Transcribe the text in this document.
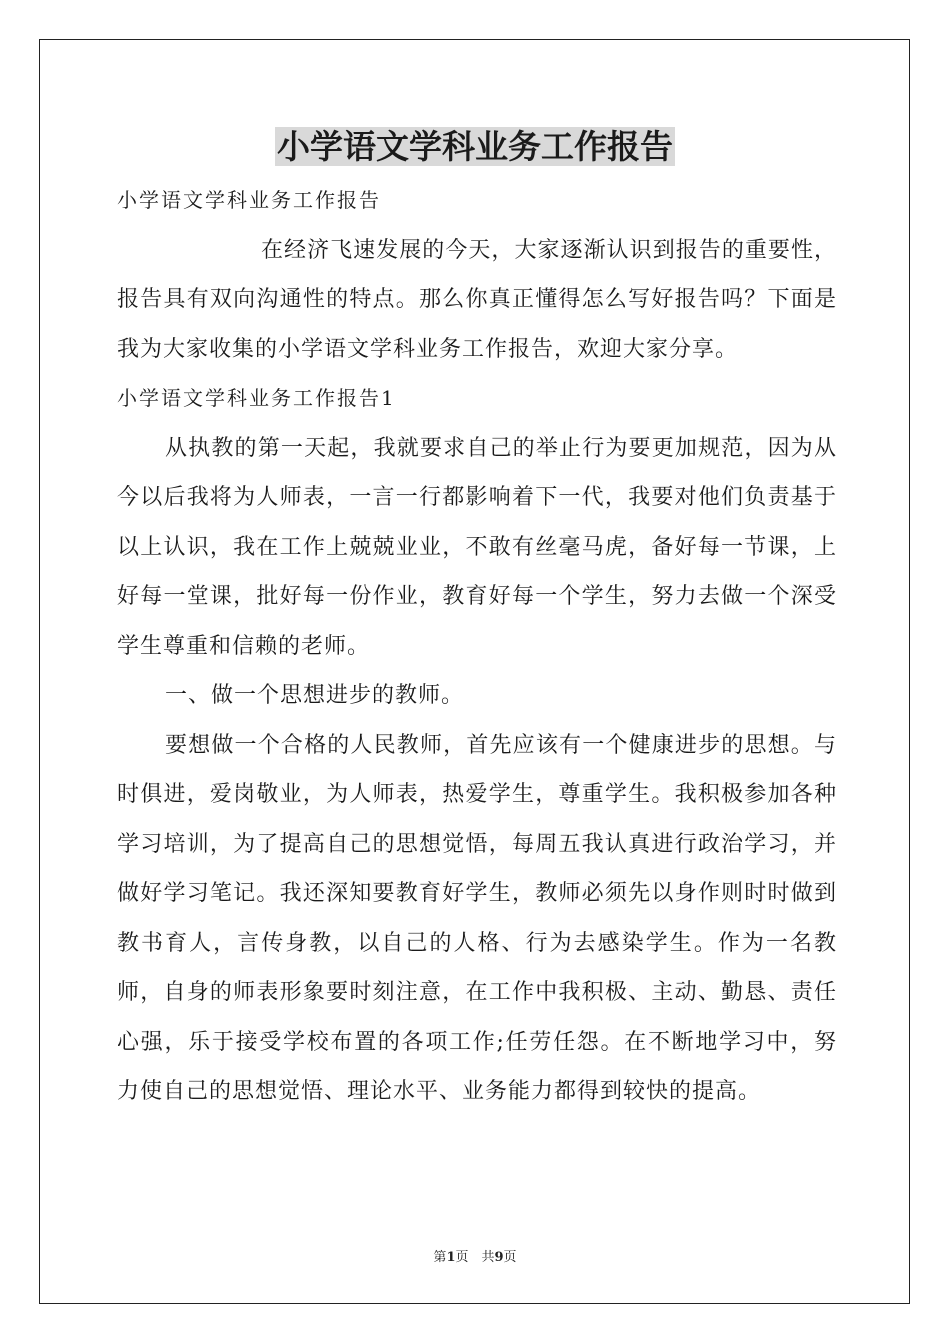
小学语文学科业务工作报告

小学语文学科业务工作报告

在经济飞速发展的今天，大家逐渐认识到报告的重要性，报告具有双向沟通性的特点。那么你真正懂得怎么写好报告吗？下面是我为大家收集的小学语文学科业务工作报告，欢迎大家分享。

小学语文学科业务工作报告1

从执教的第一天起，我就要求自己的举止行为要更加规范，因为从今以后我将为人师表，一言一行都影响着下一代，我要对他们负责基于以上认识，我在工作上兢兢业业，不敢有丝毫马虎，备好每一节课，上好每一堂课，批好每一份作业，教育好每一个学生，努力去做一个深受学生尊重和信赖的老师。

一、做一个思想进步的教师。

要想做一个合格的人民教师，首先应该有一个健康进步的思想。与时俱进，爱岗敬业，为人师表，热爱学生，尊重学生。我积极参加各种学习培训，为了提高自己的思想觉悟，每周五我认真进行政治学习，并做好学习笔记。我还深知要教育好学生，教师必须先以身作则时时做到教书育人，言传身教，以自己的人格、行为去感染学生。作为一名教师，自身的师表形象要时刻注意，在工作中我积极、主动、勤恳、责任心强，乐于接受学校布置的各项工作;任劳任怨。在不断地学习中，努力使自己的思想觉悟、理论水平、业务能力都得到较快的提高。

第1页　共9页
